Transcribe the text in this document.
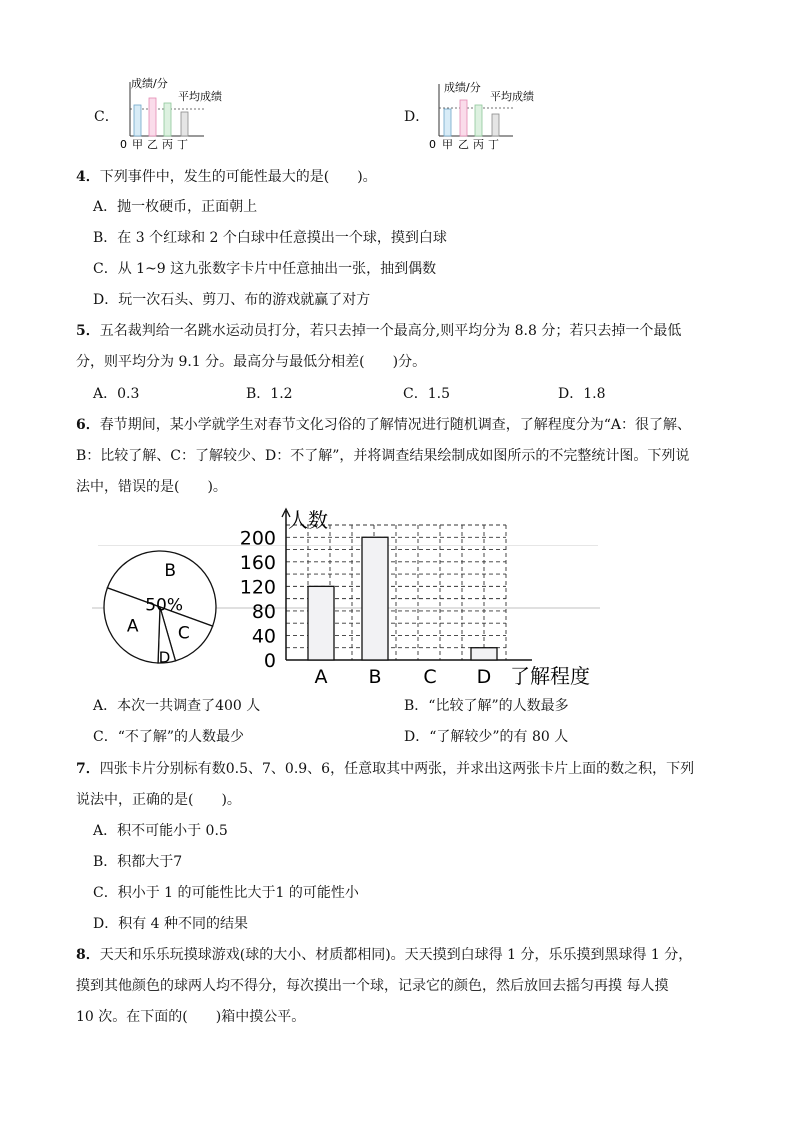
C．
成绩/分
平均成绩
0 甲 乙 丙 丁
D．
成绩/分
平均成绩
0 甲 乙 丙 丁
4．下列事件中，发生的可能性最大的是(　　)。
A．抛一枚硬币，正面朝上
B．在 3 个红球和 2 个白球中任意摸出一个球，摸到白球
C．从 1~9 这九张数字卡片中任意抽出一张，抽到偶数
D．玩一次石头、剪刀、布的游戏就赢了对方
5．五名裁判给一名跳水运动员打分，若只去掉一个最高分,则平均分为 8.8 分；若只去掉一个最低
分，则平均分为 9.1 分。最高分与最低分相差(　　)分。
A．0.3	B．1.2	C．1.5	D．1.8
6．春节期间，某小学就学生对春节文化习俗的了解情况进行随机调查，了解程度分为“A：很了解、
B：比较了解、C：了解较少、D：不了解”，并将调查结果绘制成如图所示的不完整统计图。下列说
法中，错误的是(　　)。
B
50%
C
D
A
人数
了解程度
0
40
80
120
160
200
A B C D
A．本次一共调查了400 人	B．“比较了解”的人数最多
C．“不了解”的人数最少	D．“了解较少”的有 80 人
7．四张卡片分别标有数0.5、7、0.9、6，任意取其中两张，并求出这两张卡片上面的数之积，下列
说法中，正确的是(　　)。
A．积不可能小于 0.5
B．积都大于7
C．积小于 1 的可能性比大于1 的可能性小
D．积有 4 种不同的结果
8．天天和乐乐玩摸球游戏(球的大小、材质都相同)。天天摸到白球得 1 分，乐乐摸到黑球得 1 分，
摸到其他颜色的球两人均不得分，每次摸出一个球，记录它的颜色，然后放回去摇匀再摸 每人摸
10 次。在下面的(　　)箱中摸公平。
